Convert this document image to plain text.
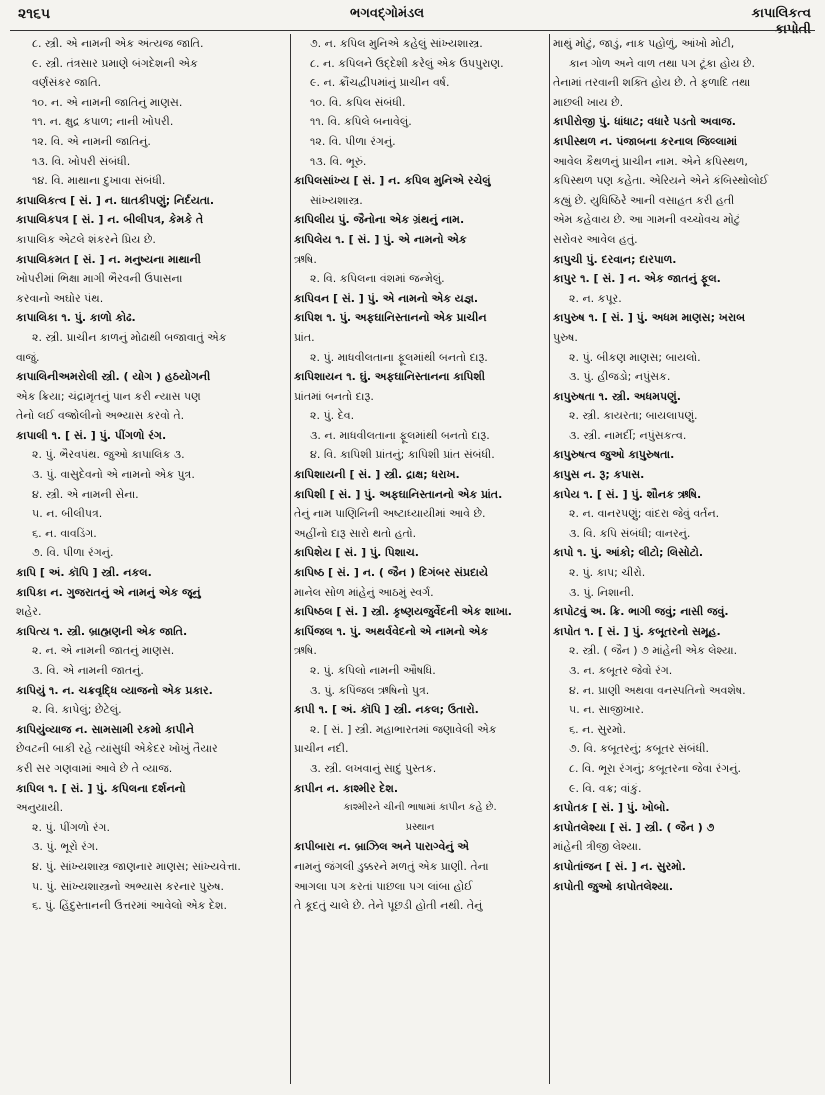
૨૧૬૫	ભગવદ્ગોમંડલ	કાપાલિકત્વ
કાપોતી
૮. સ્ત્રી. એ નામની એક અંત્યજ જાતિ.
૯. સ્ત્રી. તંત્રસાર પ્રમાણે બંગદેશની એક
વર્ણસંકર જાતિ.
૧૦. ન. એ નામની જાતિનું માણસ.
૧૧. ન. ક્ષુદ્ર કપાળ; નાની ખોપરી.
૧૨. વિ. એ નામની જાતિનું.
૧૩. વિ. ખોપરી સંબંધી.
૧૪. વિ. માથાના દુખાવા સંબંધી.
કાપાલિકત્વ [ સં. ] ન. ઘાતકીપણું; નિર્દયતા.
કાપાલિકપત્ર [ સં. ] ન. બીલીપત્ર, કેમકે તે
કાપાલિક એટલે શંકરને પ્રિય છે.
કાપાલિકમત [ સં. ] ન. મનુષ્યના માથાની
ખોપરીમાં ભિક્ષા માગી ભૈરવની ઉપાસના
કરવાનો અઘોર પંથ.
કાપાલિકા ૧. પું. કાળો કોઢ.
૨. સ્ત્રી. પ્રાચીન કાળનું મોઢાથી બજાવાતું એક
વાજું.
કાપાલિનીઅમરોલી સ્ત્રી. ( યોગ ) હઠયોગની
એક ક્રિયા; ચંદ્રામૃતનું પાન કરી ન્યાસ પણ
તેનો લઈ વજ્રોલીનો અભ્યાસ કરવો તે.
કાપાલી ૧. [ સં. ] પું. પીંગળો રંગ.
૨. પું. ભૈરવપંથ. જુઓ કાપાલિક ૩.
૩. પું. વાસુદેવનો એ નામનો એક પુત્ર.
૪. સ્ત્રી. એ નામની સેના.
૫. ન. બીલીપત્ર.
૬. ન. વાવડિંગ.
૭. વિ. પીળા રંગનું.
કાપિ [ અં. કૉપિ ] સ્ત્રી. નકલ.
કાપિકા ન. ગુજરાતનું એ નામનું એક જૂનું
શહેર.
કાપિત્ય ૧. સ્ત્રી. બ્રાહ્મણની એક જાતિ.
૨. ન. એ નામની જાતનું માણસ.
૩. વિ. એ નામની જાતનું.
કાપિયું ૧. ન. ચક્રવૃદ્ધિ વ્યાજનો એક પ્રકાર.
૨. વિ. કાપેલું; છેટેલું.
કાપિયુંવ્યાજ ન. સામસામી રકમો કાપીને
છેવટની બાકી રહે ત્યાંસુધી એકેદર ખોખું તૈયાર
કરી સર ગણવામાં આવે છે તે વ્યાજ.
કાપિલ ૧. [ સં. ] પું. કપિલના દર્શનનો
અનુયાયી.
૨. પું. પીંગળો રંગ.
૩. પું. ભૂરો રંગ.
૪. પું. સાંખ્યશાસ્ત્ર જાણનાર માણસ; સાંખ્યવેત્તા.
૫. પું. સાંખ્યશાસ્ત્રનો અભ્યાસ કરનાર પુરુષ.
૬. પું. હિંદુસ્તાનની ઉત્તરમાં આવેલો એક દેશ.
૭. ન. કપિલ મુનિએ કહેલું સાંખ્યશાસ્ત્ર.
૮. ન. કપિલને ઉદ્દેશી કરેલું એક ઉપપુરાણ.
૯. ન. ક્રૌંચદ્વીપમાંનું પ્રાચીન વર્ષ.
૧૦. વિ. કપિલ સંબંધી.
૧૧. વિ. કપિલે બનાવેલું.
૧૨. વિ. પીળા રંગનું.
૧૩. વિ. ભૂરું.
કાપિલસાંખ્ય [ સં. ] ન. કપિલ મુનિએ રચેલું
સાંખ્યશાસ્ત્ર.
કાપિલીય પું. જૈનોના એક ગ્રંથનું નામ.
કાપિલેય ૧. [ સં. ] પું. એ નામનો એક
ઋષિ.
૨. વિ. કપિલના વંશમાં જન્મેલું.
કાપિવન [ સં. ] પું. એ નામનો એક યજ્ઞ.
કાપિશ ૧. પું. અફઘાનિસ્તાનનો એક પ્રાચીન
પ્રાંત.
૨. પું. માધવીલતાના ફૂલમાંથી બનતો દારૂ.
કાપિશાયન ૧. ઘું. અફઘાનિસ્તાનના કાપિશી
પ્રાંતમાં બનતો દારૂ.
૨. પું. દેવ.
૩. ન. માધવીલતાના ફૂલમાંથી બનતો દારૂ.
૪. વિ. કાપિશી પ્રાંતનું; કાપિશી પ્રાંત સંબંધી.
કાપિશાયની [ સં. ] સ્ત્રી. દ્રાક્ષ; ધરાખ.
કાપિશી [ સં. ] પું. અફઘાનિસ્તાનનો એક પ્રાંત.
તેનું નામ પાણિનિની અષ્ટાધ્યાયીમાં આવે છે.
અહીંનો દારૂ સારો થતો હતો.
કાપિશેય [ સં. ] પું. પિશાચ.
કાપિષ્ઠ [ સં. ] ન. ( જૈન ) દિગંબર સંપ્રદાયે
માનેલ સોળ માંહેનું આઠમું સ્વર્ગ.
કાપિષ્ઠલ [ સં. ] સ્ત્રી. કૃષ્ણયજુર્વેદની એક શાખા.
કાપિંજલ ૧. પું. અથર્વવેદનો એ નામનો એક
ઋષિ.
૨. પું. કપિલો નામની ઔષધિ.
૩. પું. કપિંજલ ઋષિનો પુત્ર.
કાપી ૧. [ અં. કૉપિ ] સ્ત્રી. નકલ; ઉતારો.
૨. [ સં. ] સ્ત્રી. મહાભારતમાં જણાવેલી એક
પ્રાચીન નદી.
૩. સ્ત્રી. લખવાનું સાદું પુસ્તક.
કાપીન ન. કાશ્મીર દેશ.
કાશ્મીરને ચીની ભાષામાં કાપીન કહે છે.
પ્રસ્થાન
કાપીબારા ન. બ્રાઝિલ અને પારાગ્વેનું એ
નામનું જંગલી ડુક્કરને મળતું એક પ્રાણી. તેના
આગલા પગ કરતાં પાછલા પગ લાંબા હોઈ
તે કૂદતું ચાલે છે. તેને પૂછડી હોતી નથી. તેનું
માથું મોટું, જાડું, નાક પહોળું, આંખો મોટી,
કાન ગોળ અને વાળ તથા પગ ટૂંકા હોય છે.
તેનામાં તરવાની શક્તિ હોય છે. તે ફળાદિ તથા
માછલી ખાય છે.
કાપીરોજી પું. ધાંધાટ; વધારે પડતો અવાજ.
કાપીસ્થળ ન. પંજાબના કરનાલ જિલ્લામાં
આવેલ કૈથળનું પ્રાચીન નામ. એને કપિસ્થળ,
કપિસ્થળ પણ કહેતા. એરિયને એને કંબિસ્થોલોઈ
કહ્યું છે. યુધિષ્ઠિરે આની વસાહત કરી હતી
એમ કહેવાય છે. આ ગામની વચ્ચોવચ મોટું
સરોવર આવેલ હતું.
કાપુચી પું. દરવાન; દારપાળ.
કાપુર ૧. [ સં. ] ન. એક જાતનું ફૂલ.
૨. ન. કપૂર.
કાપુરુષ ૧. [ સં. ] પું. અધમ માણસ; ખરાબ
પુરુષ.
૨. પું. બીકણ માણસ; બાયલો.
૩. પું. હીજડો; નપુંસક.
કાપુરુષતા ૧. સ્ત્રી. અધમપણું.
૨. સ્ત્રી. કાયરતા; બાયલાપણું.
૩. સ્ત્રી. નામર્દી; નપુંસકત્વ.
કાપુરુષત્વ જુઓ કાપુરુષતા.
કાપુસ ન. રૂ; કપાસ.
કાપેય ૧. [ સં. ] પું. શૌનક ઋષિ.
૨. ન. વાનરપણું; વાંદરા જેવું વર્તન.
૩. વિ. કપિ સંબંધી; વાનરનું.
કાપો ૧. પું. આંકો; લીટો; લિસોટો.
૨. પું. કાપ; ચીરો.
૩. પું. નિશાની.
કાપોટવું અ. ક્રિ. ભાગી જવું; નાસી જવું.
કાપોત ૧. [ સં. ] પું. કબૂતરનો સમૂહ.
૨. સ્ત્રી. ( જૈન ) ૭ માંહેની એક લેશ્યા.
૩. ન. કબૂતર જેવો રંગ.
૪. ન. પ્રાણી અથવા વનસ્પતિનો અવશેષ.
૫. ન. સાજીખાર.
૬. ન. સુરમો.
૭. વિ. કબૂતરનું; કબૂતર સંબંધી.
૮. વિ. ભૂરા રંગનું; કબૂતરના જેવા રંગનું.
૯. વિ. વક્ર; વાંકું.
કાપોતક [ સં. ] પું. ખોબો.
કાપોતલેશ્યા [ સં. ] સ્ત્રી. ( જૈન ) ૭
માંહેની ત્રીજી લેશ્યા.
કાપોતાંજન [ સં. ] ન. સુરમો.
કાપોતી જુઓ કાપોતલેશ્યા.
